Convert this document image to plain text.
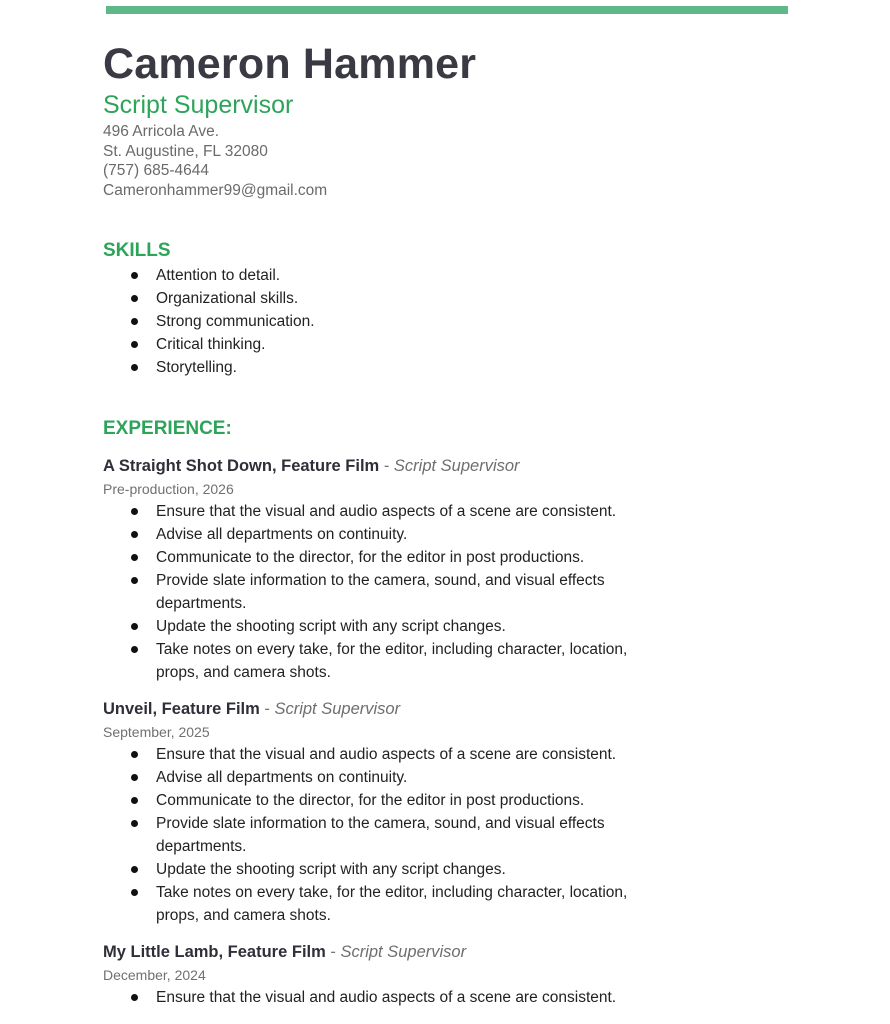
Cameron Hammer
Script Supervisor
496 Arricola Ave.
St. Augustine, FL 32080
(757) 685-4644
Cameronhammer99@gmail.com
SKILLS
Attention to detail.
Organizational skills.
Strong communication.
Critical thinking.
Storytelling.
EXPERIENCE:
A Straight Shot Down, Feature Film - Script Supervisor
Pre-production, 2026
Ensure that the visual and audio aspects of a scene are consistent.
Advise all departments on continuity.
Communicate to the director, for the editor in post productions.
Provide slate information to the camera, sound, and visual effects departments.
Update the shooting script with any script changes.
Take notes on every take, for the editor, including character, location, props, and camera shots.
Unveil, Feature Film - Script Supervisor
September, 2025
Ensure that the visual and audio aspects of a scene are consistent.
Advise all departments on continuity.
Communicate to the director, for the editor in post productions.
Provide slate information to the camera, sound, and visual effects departments.
Update the shooting script with any script changes.
Take notes on every take, for the editor, including character, location, props, and camera shots.
My Little Lamb, Feature Film - Script Supervisor
December, 2024
Ensure that the visual and audio aspects of a scene are consistent.
